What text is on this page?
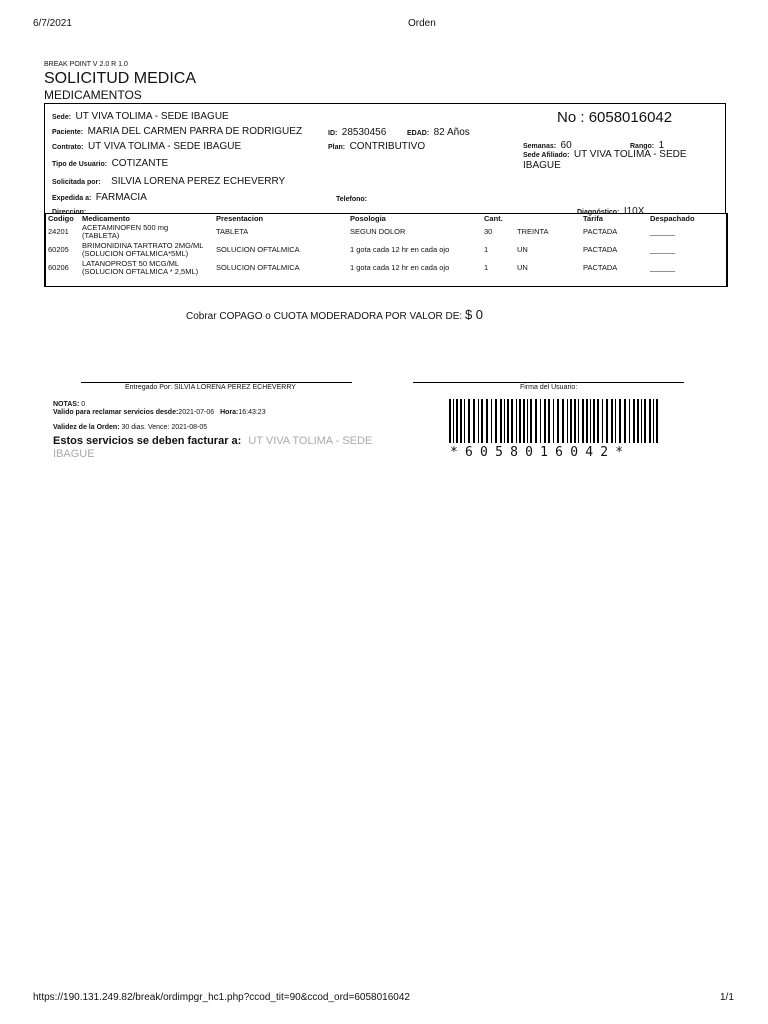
6/7/2021	Orden
https://190.131.249.82/break/ordimpgr_hc1.php?ccod_tit=90&ccod_ord=6058016042	1/1
BREAK POINT V 2.0 R 1.0
SOLICITUD MEDICA
MEDICAMENTOS
Sede: UT VIVA TOLIMA - SEDE IBAGUE
Paciente: MARIA DEL CARMEN PARRA DE RODRIGUEZ	ID: 28530456	EDAD: 82 Años
No : 6058016042
Contrato: UT VIVA TOLIMA - SEDE IBAGUE	Plan: CONTRIBUTIVO	Semanas: 60	Rango: 1
Tipo de Usuario: COTIZANTE
Sede Afiliado: UT VIVA TOLIMA - SEDE
IBAGUE
Solicitada por: SILVIA LORENA PEREZ ECHEVERRY
Expedida a: FARMACIA	Telefono:
Direccion:	Diagnóstico: I10X
Codigo	Medicamento	Presentacion	Posologia	Cant.		Tarifa	Despachado

24201	ACETAMINOFEN 500 mg
(TABLETA)	TABLETA	SEGUN DOLOR	30	TREINTA	PACTADA	______

60205	BRIMONIDINA TARTRATO 2MG/ML
(SOLUCION OFTALMICA*5ML)	SOLUCION OFTALMICA	1 gota cada 12 hr en cada ojo	1	UN	PACTADA	______

60206	LATANOPROST 50 MCG/ML
(SOLUCION OFTALMICA * 2,5ML)	SOLUCION OFTALMICA	1 gota cada 12 hr en cada ojo	1	UN	PACTADA	______
Cobrar COPAGO o CUOTA MODERADORA POR VALOR DE: $ 0
Entregado Por: SILVIA LORENA PEREZ ECHEVERRY	Firma del Usuario:
NOTAS: 0
Valido para reclamar servicios desde:2021-07-06 Hora:16:43:23
Validez de la Orden: 30 dias. Vence: 2021-08-05
Estos servicios se deben facturar a: UT VIVA TOLIMA - SEDE
IBAGUE	*6058016042*
